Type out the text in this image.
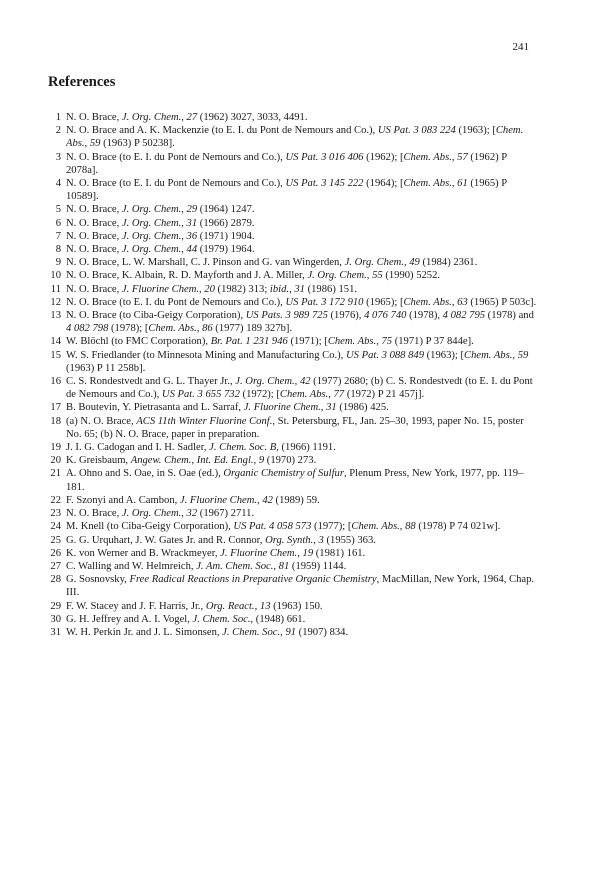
241
References
1 N. O. Brace, J. Org. Chem., 27 (1962) 3027, 3033, 4491.
2 N. O. Brace and A. K. Mackenzie (to E. I. du Pont de Nemours and Co.), US Pat. 3 083 224 (1963); [Chem. Abs., 59 (1963) P 50238].
3 N. O. Brace (to E. I. du Pont de Nemours and Co.), US Pat. 3 016 406 (1962); [Chem. Abs., 57 (1962) P 2078a].
4 N. O. Brace (to E. I. du Pont de Nemours and Co.), US Pat. 3 145 222 (1964); [Chem. Abs., 61 (1965) P 10589].
5 N. O. Brace, J. Org. Chem., 29 (1964) 1247.
6 N. O. Brace, J. Org. Chem., 31 (1966) 2879.
7 N. O. Brace, J. Org. Chem., 36 (1971) 1904.
8 N. O. Brace, J. Org. Chem., 44 (1979) 1964.
9 N. O. Brace, L. W. Marshall, C. J. Pinson and G. van Wingerden, J. Org. Chem., 49 (1984) 2361.
10 N. O. Brace, K. Albain, R. D. Mayforth and J. A. Miller, J. Org. Chem., 55 (1990) 5252.
11 N. O. Brace, J. Fluorine Chem., 20 (1982) 313; ibid., 31 (1986) 151.
12 N. O. Brace (to E. I. du Pont de Nemours and Co.), US Pat. 3 172 910 (1965); [Chem. Abs., 63 (1965) P 503c].
13 N. O. Brace (to Ciba-Geigy Corporation), US Pats. 3 989 725 (1976), 4 076 740 (1978), 4 082 795 (1978) and 4 082 798 (1978); [Chem. Abs., 86 (1977) 189 327b].
14 W. Blöchl (to FMC Corporation), Br. Pat. 1 231 946 (1971); [Chem. Abs., 75 (1971) P 37 844e].
15 W. S. Friedlander (to Minnesota Mining and Manufacturing Co.), US Pat. 3 088 849 (1963); [Chem. Abs., 59 (1963) P 11 258b].
16 C. S. Rondestvedt and G. L. Thayer Jr., J. Org. Chem., 42 (1977) 2680; (b) C. S. Rondestvedt (to E. I. du Pont de Nemours and Co.), US Pat. 3 655 732 (1972); [Chem. Abs., 77 (1972) P 21 457j].
17 B. Boutevin, Y. Pietrasanta and L. Sarraf, J. Fluorine Chem., 31 (1986) 425.
18 (a) N. O. Brace, ACS 11th Winter Fluorine Conf., St. Petersburg, FL, Jan. 25–30, 1993, paper No. 15, poster No. 65; (b) N. O. Brace, paper in preparation.
19 J. I. G. Cadogan and I. H. Sadler, J. Chem. Soc. B, (1966) 1191.
20 K. Greisbaum, Angew. Chem., Int. Ed. Engl., 9 (1970) 273.
21 A. Ohno and S. Oae, in S. Oae (ed.), Organic Chemistry of Sulfur, Plenum Press, New York, 1977, pp. 119–181.
22 F. Szonyi and A. Cambon, J. Fluorine Chem., 42 (1989) 59.
23 N. O. Brace, J. Org. Chem., 32 (1967) 2711.
24 M. Knell (to Ciba-Geigy Corporation), US Pat. 4 058 573 (1977); [Chem. Abs., 88 (1978) P 74 021w].
25 G. G. Urquhart, J. W. Gates Jr. and R. Connor, Org. Synth., 3 (1955) 363.
26 K. von Werner and B. Wrackmeyer, J. Fluorine Chem., 19 (1981) 161.
27 C. Walling and W. Helmreich, J. Am. Chem. Soc., 81 (1959) 1144.
28 G. Sosnovsky, Free Radical Reactions in Preparative Organic Chemistry, MacMillan, New York, 1964, Chap. III.
29 F. W. Stacey and J. F. Harris, Jr., Org. React., 13 (1963) 150.
30 G. H. Jeffrey and A. I. Vogel, J. Chem. Soc., (1948) 661.
31 W. H. Perkin Jr. and J. L. Simonsen, J. Chem. Soc., 91 (1907) 834.
